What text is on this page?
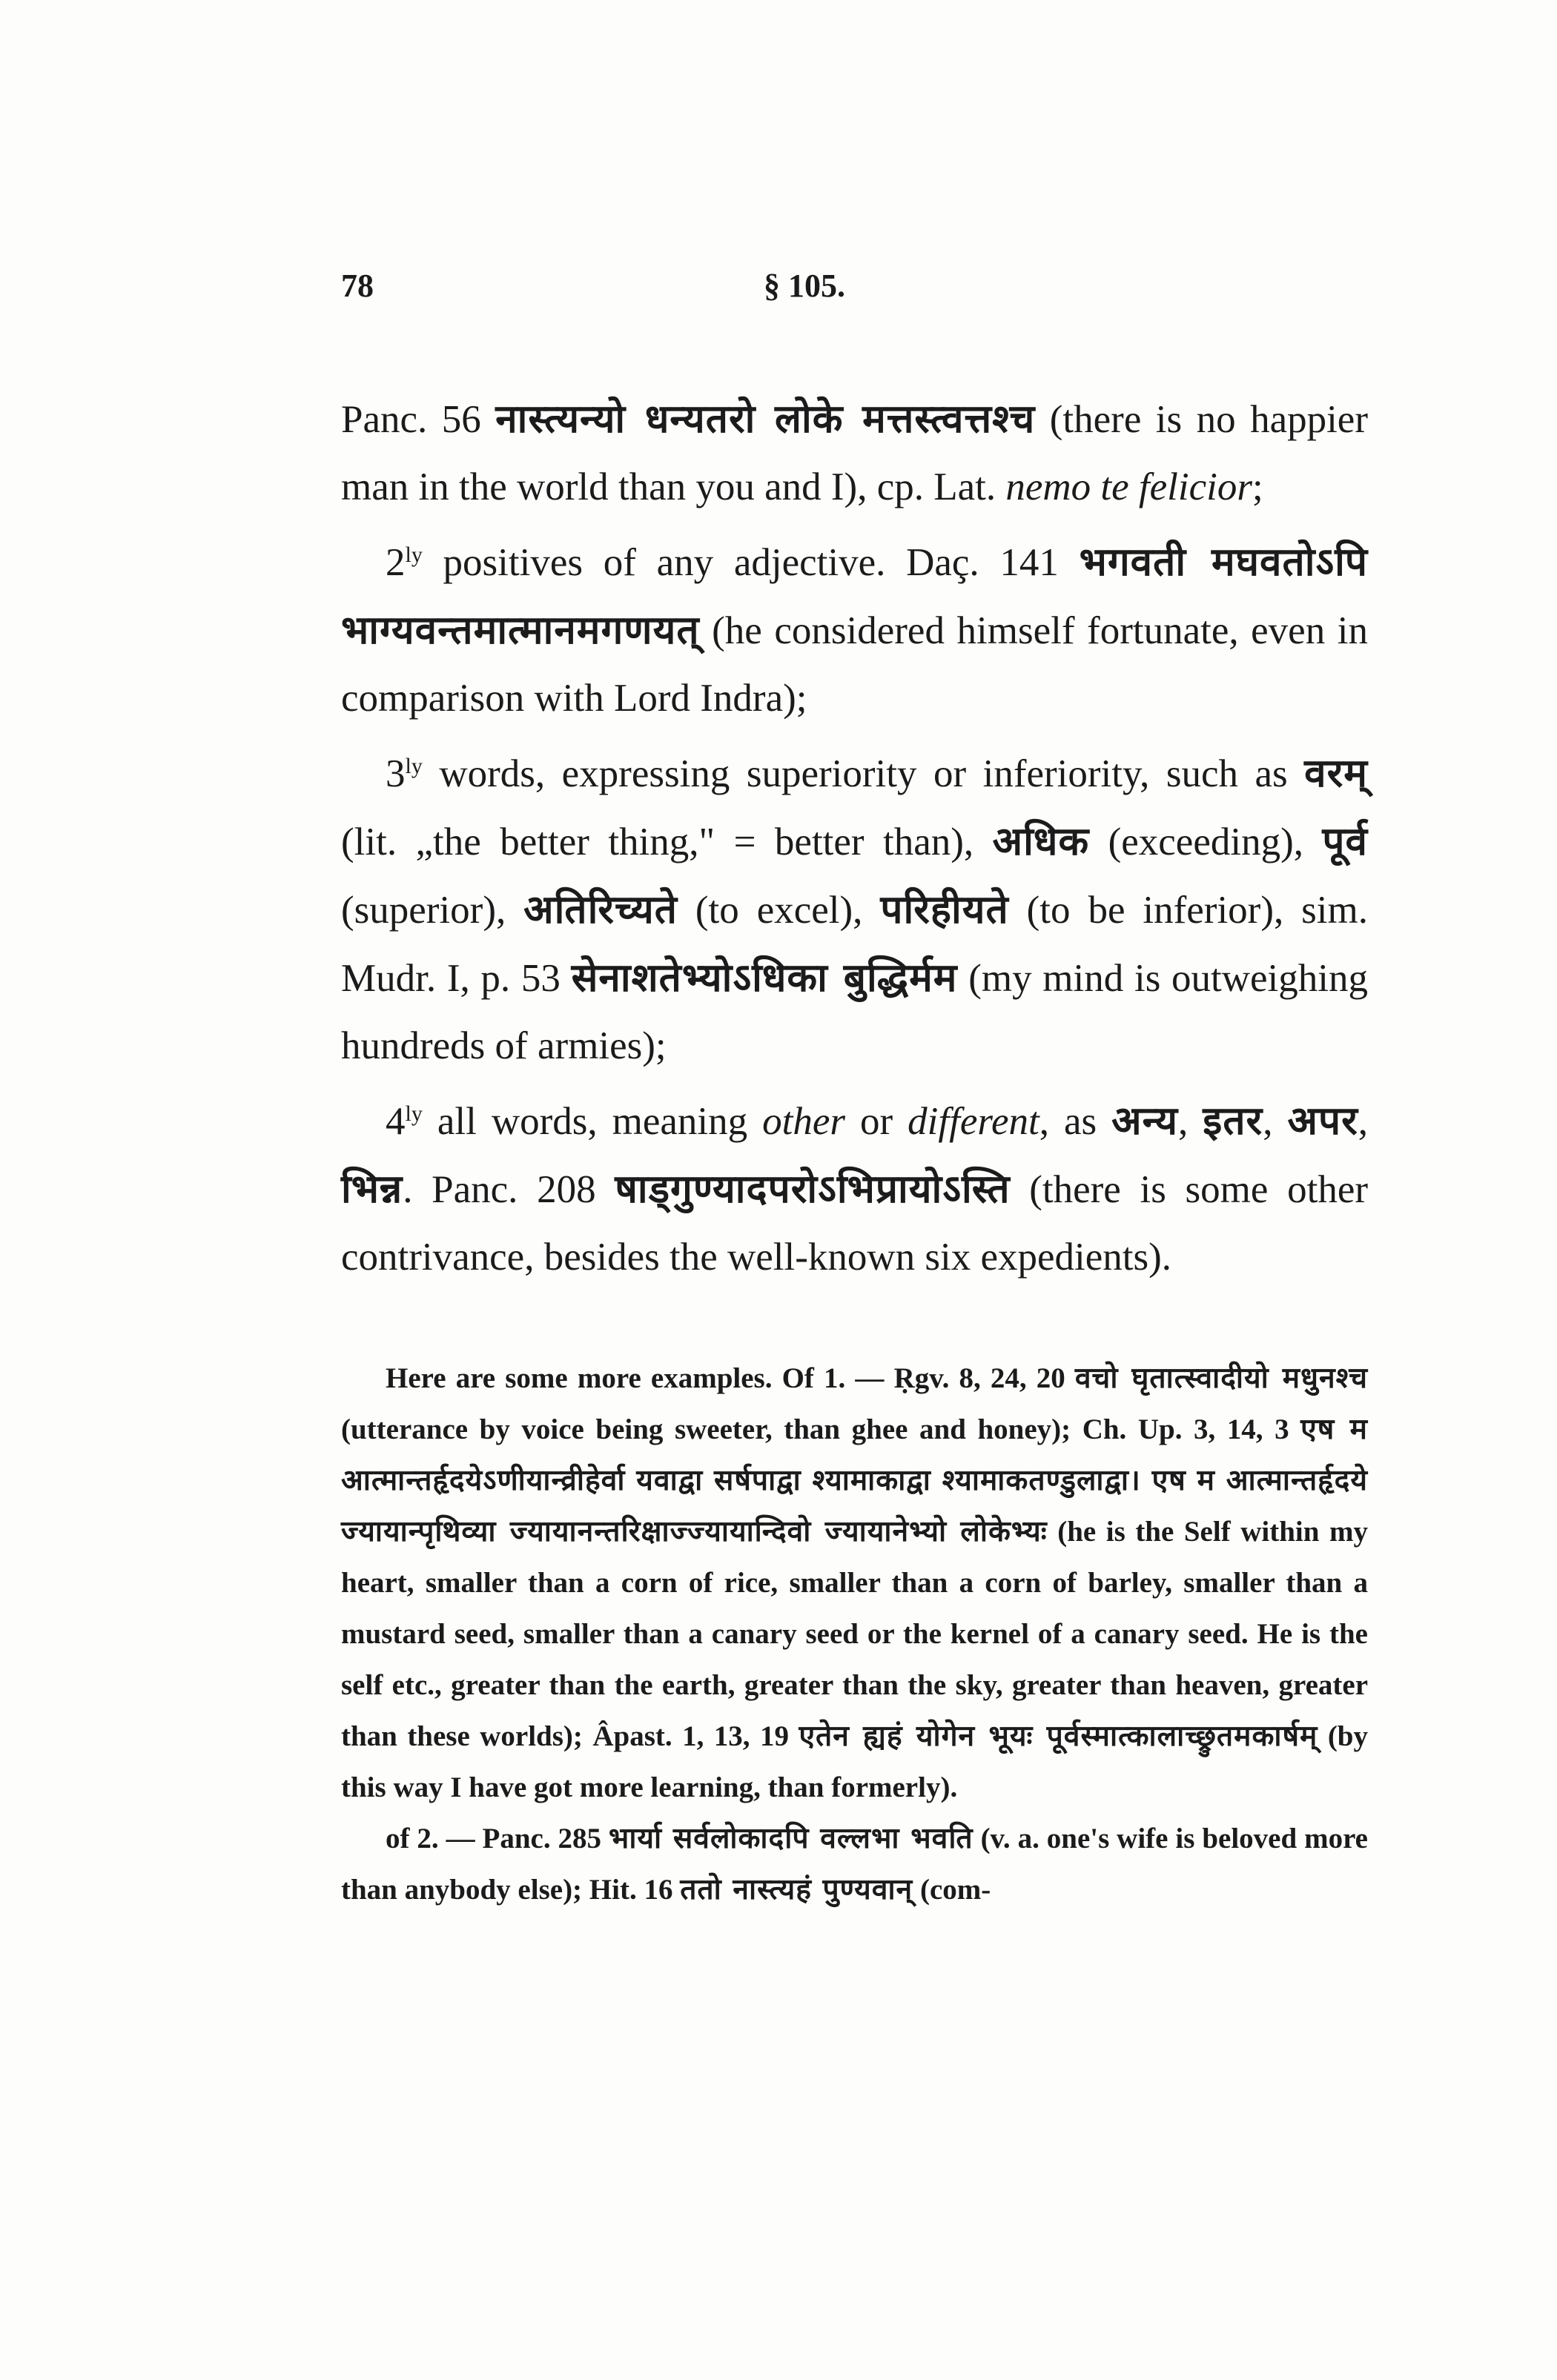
78	§ 105.

Panc. 56 नास्त्यन्यो धन्यतरो लोके मत्तस्त्वत्तश्च (there is no happier man in the world than you and I), cp. Lat. nemo te felicior;

$2^{ly}$ positives of any adjective. Daç. 141 भगवती मघवतोऽपि भाग्यवन्तमात्मानमगणयत् (he considered himself fortunate, even in comparison with Lord Indra);

$3^{ly}$ words, expressing superiority or inferiority, such as वरम् (lit. „the better thing," = better than), अधिक (exceeding), पूर्व (superior), अतिरिच्यते (to excel), परिहीयते (to be inferior), sim. Mudr. I, p. 53 सेनाशतेभ्योऽधिका बुद्धिर्मम (my mind is outweighing hundreds of armies);

$4^{ly}$ all words, meaning other or different, as अन्य, इतर, अपर, भिन्न. Panc. 208 षाड्गुण्यादपरोऽभिप्रायोऽस्ति (there is some other contrivance, besides the well-known six expedients).

Here are some more examples. Of 1. — Ṛgv. 8, 24, 20 वचो घृतात्स्वादीयो मधुनश्च (utterance by voice being sweeter, than ghee and honey); Ch. Up. 3, 14, 3 एष म आत्मान्तर्हृदयेऽणीयान्व्रीहेर्वा यवाद्वा सर्षपाद्वा श्यामाकाद्वा श्यामाकतण्डुलाद्वा। एष म आत्मान्तर्हृदये ज्यायान्पृथिव्या ज्यायानन्तरिक्षाज्ज्यायान्दिवो ज्यायानेभ्यो लोकेभ्यः (he is the Self within my heart, smaller than a corn of rice, smaller than a corn of barley, smaller than a mustard seed, smaller than a canary seed or the kernel of a canary seed. He is the self etc., greater than the earth, greater than the sky, greater than heaven, greater than these worlds); Âpast. 1, 13, 19 एतेन ह्यहं योगेन भूयः पूर्वस्मात्कालाच्छ्रुतमकार्षम् (by this way I have got more learning, than formerly).

of 2. — Panc. 285 भार्या सर्वलोकादपि वल्लभा भवति (v. a. one's wife is beloved more than anybody else); Hit. 16 ततो नास्त्यहं पुण्यवान् (com-
